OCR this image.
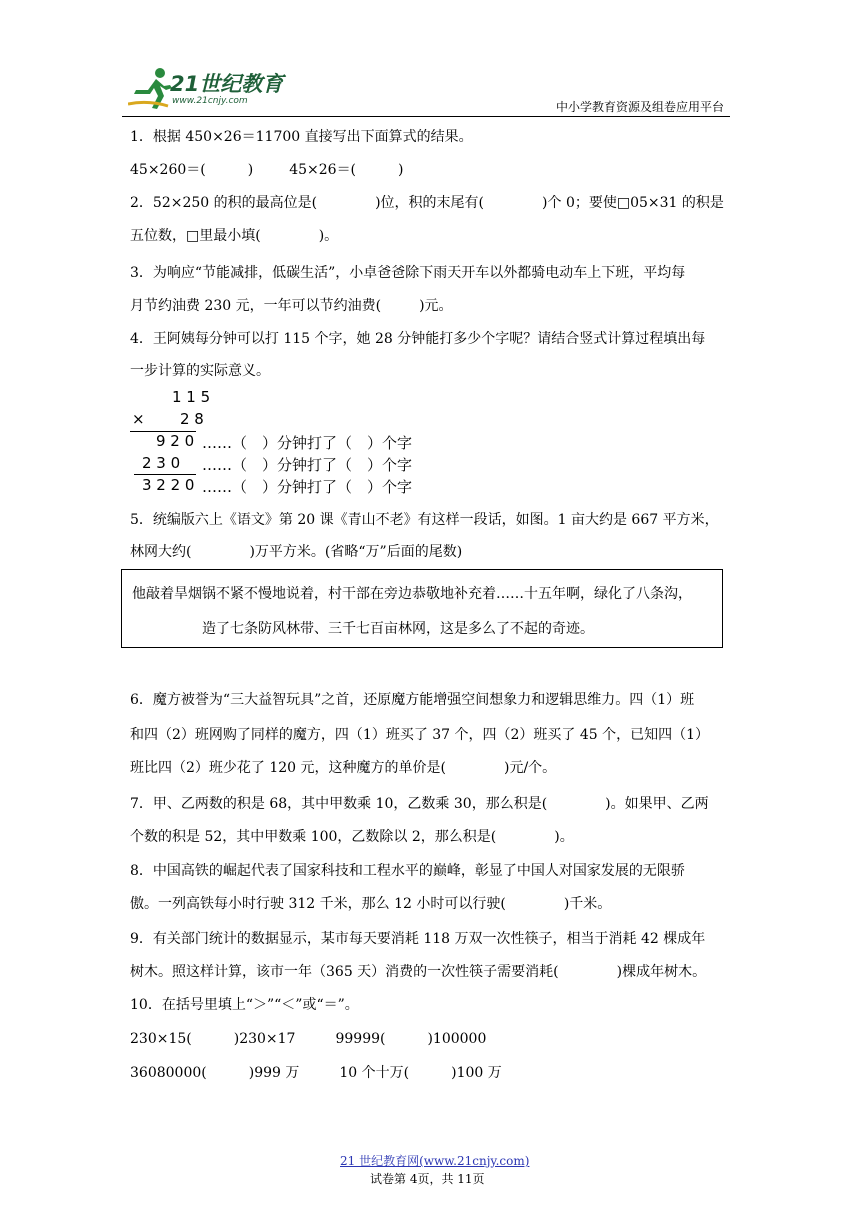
21世纪教育
www.21cnjy.com	中小学教育资源及组卷应用平台
1．根据 450×26＝11700 直接写出下面算式的结果。
45×260＝(	)	45×26＝(	)
2．52×250 的积的最高位是(	)位，积的末尾有(	)个 0；要使□05×31 的积是
五位数，□里最小填(	)。
3．为响应“节能减排，低碳生活”，小卓爸爸除下雨天开车以外都骑电动车上下班，平均每
月节约油费 230 元，一年可以节约油费(	)元。
4．王阿姨每分钟可以打 115 个字，她 28 分钟能打多少个字呢？请结合竖式计算过程填出每
一步计算的实际意义。
1 1 5
× 2 8
9 2 0 ……（　）分钟打了（　）个字
2 3 0 ……（　）分钟打了（　）个字
3 2 2 0 ……（　）分钟打了（　）个字
5．统编版六上《语文》第 20 课《青山不老》有这样一段话，如图。1 亩大约是 667 平方米，
林网大约(	)万平方米。(省略“万”后面的尾数)
他敲着旱烟锅不紧不慢地说着，村干部在旁边恭敬地补充着……十五年啊，绿化了八条沟，
造了七条防风林带、三千七百亩林网，这是多么了不起的奇迹。
6．魔方被誉为“三大益智玩具”之首，还原魔方能增强空间想象力和逻辑思维力。四（1）班
和四（2）班网购了同样的魔方，四（1）班买了 37 个，四（2）班买了 45 个，已知四（1）
班比四（2）班少花了 120 元，这种魔方的单价是(	)元/个。
7．甲、乙两数的积是 68，其中甲数乘 10，乙数乘 30，那么积是(	)。如果甲、乙两
个数的积是 52，其中甲数乘 100，乙数除以 2，那么积是(	)。
8．中国高铁的崛起代表了国家科技和工程水平的巅峰，彰显了中国人对国家发展的无限骄
傲。一列高铁每小时行驶 312 千米，那么 12 小时可以行驶(	)千米。
9．有关部门统计的数据显示，某市每天要消耗 118 万双一次性筷子，相当于消耗 42 棵成年
树木。照这样计算，该市一年（365 天）消费的一次性筷子需要消耗(	)棵成年树木。
10．在括号里填上“＞”“＜”或“＝”。
230×15(	)230×17	99999(	)100000
36080000(	)999 万	10 个十万(	)100 万
21 世纪教育网(www.21cnjy.com)
试卷第 4页，共 11页
